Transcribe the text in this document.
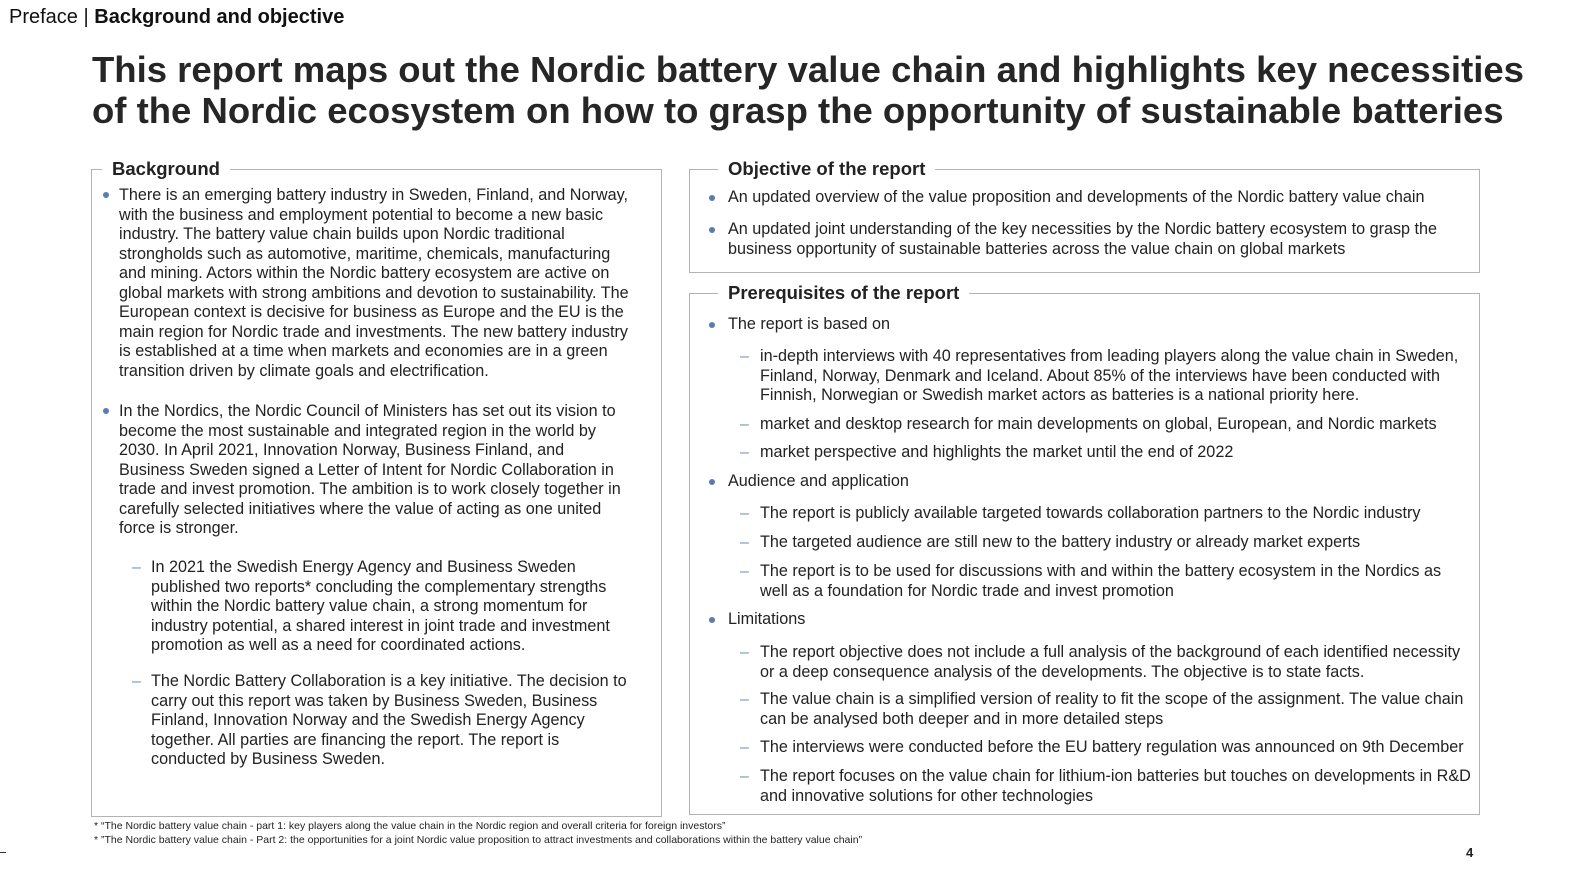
Preface | Background and objective
This report maps out the Nordic battery value chain and highlights key necessities
of the Nordic ecosystem on how to grasp the opportunity of sustainable batteries
Background
There is an emerging battery industry in Sweden, Finland, and Norway,
with the business and employment potential to become a new basic
industry. The battery value chain builds upon Nordic traditional
strongholds such as automotive, maritime, chemicals, manufacturing
and mining. Actors within the Nordic battery ecosystem are active on
global markets with strong ambitions and devotion to sustainability. The
European context is decisive for business as Europe and the EU is the
main region for Nordic trade and investments. The new battery industry
is established at a time when markets and economies are in a green
transition driven by climate goals and electrification.
In the Nordics, the Nordic Council of Ministers has set out its vision to
become the most sustainable and integrated region in the world by
2030. In April 2021, Innovation Norway, Business Finland, and
Business Sweden signed a Letter of Intent for Nordic Collaboration in
trade and invest promotion. The ambition is to work closely together in
carefully selected initiatives where the value of acting as one united
force is stronger.
– In 2021 the Swedish Energy Agency and Business Sweden
published two reports* concluding the complementary strengths
within the Nordic battery value chain, a strong momentum for
industry potential, a shared interest in joint trade and investment
promotion as well as a need for coordinated actions.
– The Nordic Battery Collaboration is a key initiative. The decision to
carry out this report was taken by Business Sweden, Business
Finland, Innovation Norway and the Swedish Energy Agency
together. All parties are financing the report. The report is
conducted by Business Sweden.
Objective of the report
An updated overview of the value proposition and developments of the Nordic battery value chain
An updated joint understanding of the key necessities by the Nordic battery ecosystem to grasp the
business opportunity of sustainable batteries across the value chain on global markets
Prerequisites of the report
The report is based on
– in-depth interviews with 40 representatives from leading players along the value chain in Sweden,
Finland, Norway, Denmark and Iceland. About 85% of the interviews have been conducted with
Finnish, Norwegian or Swedish market actors as batteries is a national priority here.
– market and desktop research for main developments on global, European, and Nordic markets
– market perspective and highlights the market until the end of 2022
Audience and application
– The report is publicly available targeted towards collaboration partners to the Nordic industry
– The targeted audience are still new to the battery industry or already market experts
– The report is to be used for discussions with and within the battery ecosystem in the Nordics as
well as a foundation for Nordic trade and invest promotion
Limitations
– The report objective does not include a full analysis of the background of each identified necessity
or a deep consequence analysis of the developments. The objective is to state facts.
– The value chain is a simplified version of reality to fit the scope of the assignment. The value chain
can be analysed both deeper and in more detailed steps
– The interviews were conducted before the EU battery regulation was announced on 9th December
– The report focuses on the value chain for lithium-ion batteries but touches on developments in R&D
and innovative solutions for other technologies
* “The Nordic battery value chain - part 1: key players along the value chain in the Nordic region and overall criteria for foreign investors”
* ”The Nordic battery value chain - Part 2: the opportunities for a joint Nordic value proposition to attract investments and collaborations within the battery value chain”
4
